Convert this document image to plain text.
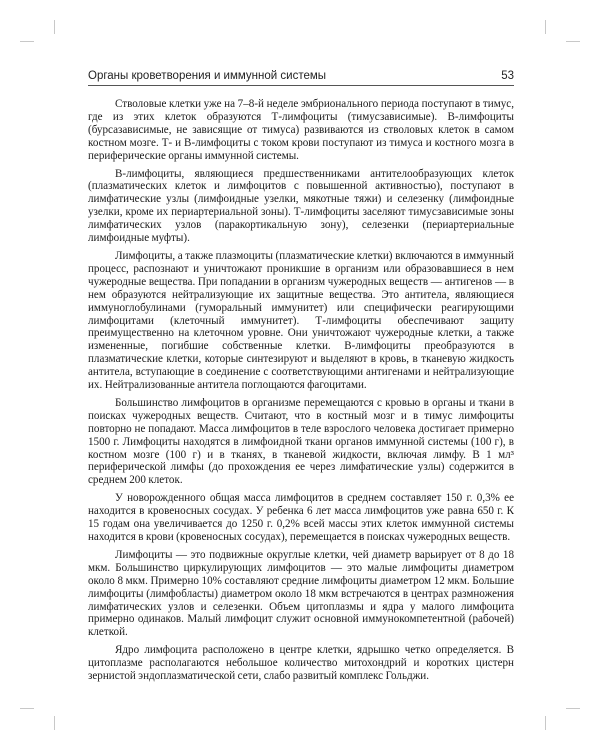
Органы кроветворения и иммунной системы	53

Стволовые клетки уже на 7–8-й неделе эмбрионального периода поступают в тимус, где из этих клеток образуются Т-лимфоциты (тимусзависимые). В-лимфоциты (бурсазависимые, не зависящие от тимуса) развиваются из стволовых клеток в самом костном мозге. Т- и В-лимфоциты с током крови поступают из тимуса и костного мозга в периферические органы иммунной системы.

В-лимфоциты, являющиеся предшественниками антителообразующих клеток (плазматических клеток и лимфоцитов с повышенной активностью), поступают в лимфатические узлы (лимфоидные узелки, мякотные тяжи) и селезенку (лимфоидные узелки, кроме их периартериальной зоны). Т-лимфоциты заселяют тимусзависимые зоны лимфатических узлов (паракортикальную зону), селезенки (периартериальные лимфоидные муфты).

Лимфоциты, а также плазмоциты (плазматические клетки) включаются в иммунный процесс, распознают и уничтожают проникшие в организм или образовавшиеся в нем чужеродные вещества. При попадании в организм чужеродных веществ — антигенов — в нем образуются нейтрализующие их защитные вещества. Это антитела, являющиеся иммуноглобулинами (гуморальный иммунитет) или специфически реагирующими лимфоцитами (клеточный иммунитет). Т-лимфоциты обеспечивают защиту преимущественно на клеточном уровне. Они уничтожают чужеродные клетки, а также измененные, погибшие собственные клетки. В-лимфоциты преобразуются в плазматические клетки, которые синтезируют и выделяют в кровь, в тканевую жидкость антитела, вступающие в соединение с соответствующими антигенами и нейтрализующие их. Нейтрализованные антитела поглощаются фагоцитами.

Большинство лимфоцитов в организме перемещаются с кровью в органы и ткани в поисках чужеродных веществ. Считают, что в костный мозг и в тимус лимфоциты повторно не попадают. Масса лимфоцитов в теле взрослого человека достигает примерно 1500 г. Лимфоциты находятся в лимфоидной ткани органов иммунной системы (100 г), в костном мозге (100 г) и в тканях, в тканевой жидкости, включая лимфу. В 1 мл³ периферической лимфы (до прохождения ее через лимфатические узлы) содержится в среднем 200 клеток.

У новорожденного общая масса лимфоцитов в среднем составляет 150 г. 0,3% ее находится в кровеносных сосудах. У ребенка 6 лет масса лимфоцитов уже равна 650 г. К 15 годам она увеличивается до 1250 г. 0,2% всей массы этих клеток иммунной системы находится в крови (кровеносных сосудах), перемещается в поисках чужеродных веществ.

Лимфоциты — это подвижные округлые клетки, чей диаметр варьирует от 8 до 18 мкм. Большинство циркулирующих лимфоцитов — это малые лимфоциты диаметром около 8 мкм. Примерно 10% составляют средние лимфоциты диаметром 12 мкм. Большие лимфоциты (лимфобласты) диаметром около 18 мкм встречаются в центрах размножения лимфатических узлов и селезенки. Объем цитоплазмы и ядра у малого лимфоцита примерно одинаков. Малый лимфоцит служит основной иммунокомпетентной (рабочей) клеткой.

Ядро лимфоцита расположено в центре клетки, ядрышко четко определяется. В цитоплазме располагаются небольшое количество митохондрий и коротких цистерн зернистой эндоплазматической сети, слабо развитый комплекс Гольджи.
